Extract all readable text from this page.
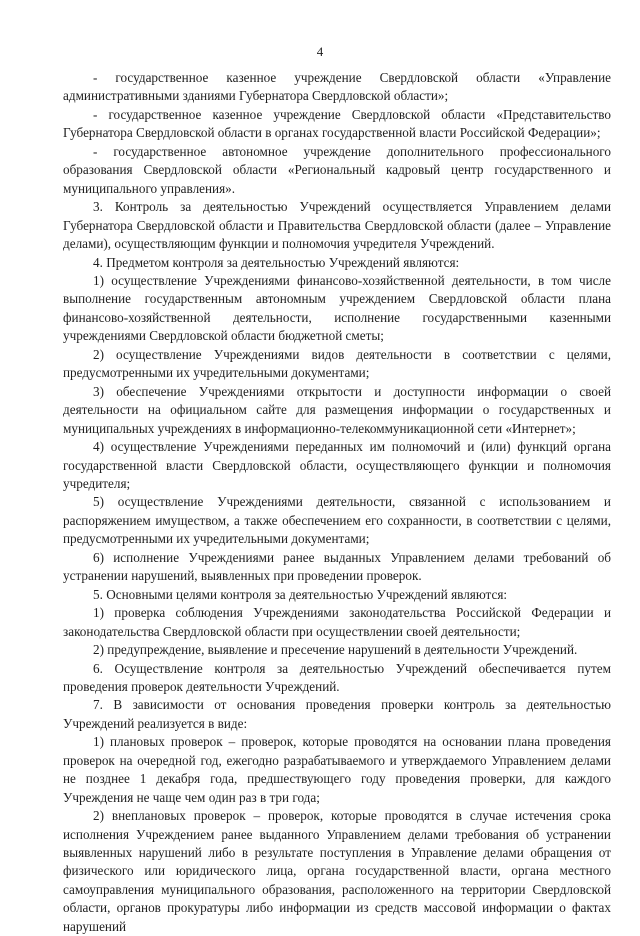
4

- государственное казенное учреждение Свердловской области «Управление административными зданиями Губернатора Свердловской области»;

- государственное казенное учреждение Свердловской области «Представительство Губернатора Свердловской области в органах государственной власти Российской Федерации»;

- государственное автономное учреждение дополнительного профессионального образования Свердловской области «Региональный кадровый центр государственного и муниципального управления».

3. Контроль за деятельностью Учреждений осуществляется Управлением делами Губернатора Свердловской области и Правительства Свердловской области (далее – Управление делами), осуществляющим функции и полномочия учредителя Учреждений.

4. Предметом контроля за деятельностью Учреждений являются:

1) осуществление Учреждениями финансово-хозяйственной деятельности, в том числе выполнение государственным автономным учреждением Свердловской области плана финансово-хозяйственной деятельности, исполнение государственными казенными учреждениями Свердловской области бюджетной сметы;

2) осуществление Учреждениями видов деятельности в соответствии с целями, предусмотренными их учредительными документами;

3) обеспечение Учреждениями открытости и доступности информации о своей деятельности на официальном сайте для размещения информации о государственных и муниципальных учреждениях в информационно-телекоммуникационной сети «Интернет»;

4) осуществление Учреждениями переданных им полномочий и (или) функций органа государственной власти Свердловской области, осуществляющего функции и полномочия учредителя;

5) осуществление Учреждениями деятельности, связанной с использованием и распоряжением имуществом, а также обеспечением его сохранности, в соответствии с целями, предусмотренными их учредительными документами;

6) исполнение Учреждениями ранее выданных Управлением делами требований об устранении нарушений, выявленных при проведении проверок.

5. Основными целями контроля за деятельностью Учреждений являются:

1) проверка соблюдения Учреждениями законодательства Российской Федерации и законодательства Свердловской области при осуществлении своей деятельности;

2) предупреждение, выявление и пресечение нарушений в деятельности Учреждений.

6. Осуществление контроля за деятельностью Учреждений обеспечивается путем проведения проверок деятельности Учреждений.

7. В зависимости от основания проведения проверки контроль за деятельностью Учреждений реализуется в виде:

1) плановых проверок – проверок, которые проводятся на основании плана проведения проверок на очередной год, ежегодно разрабатываемого и утверждаемого Управлением делами не позднее 1 декабря года, предшествующего году проведения проверки, для каждого Учреждения не чаще чем один раз в три года;

2) внеплановых проверок – проверок, которые проводятся в случае истечения срока исполнения Учреждением ранее выданного Управлением делами требования об устранении выявленных нарушений либо в результате поступления в Управление делами обращения от физического или юридического лица, органа государственной власти, органа местного самоуправления муниципального образования, расположенного на территории Свердловской области, органов прокуратуры либо информации из средств массовой информации о фактах нарушений
